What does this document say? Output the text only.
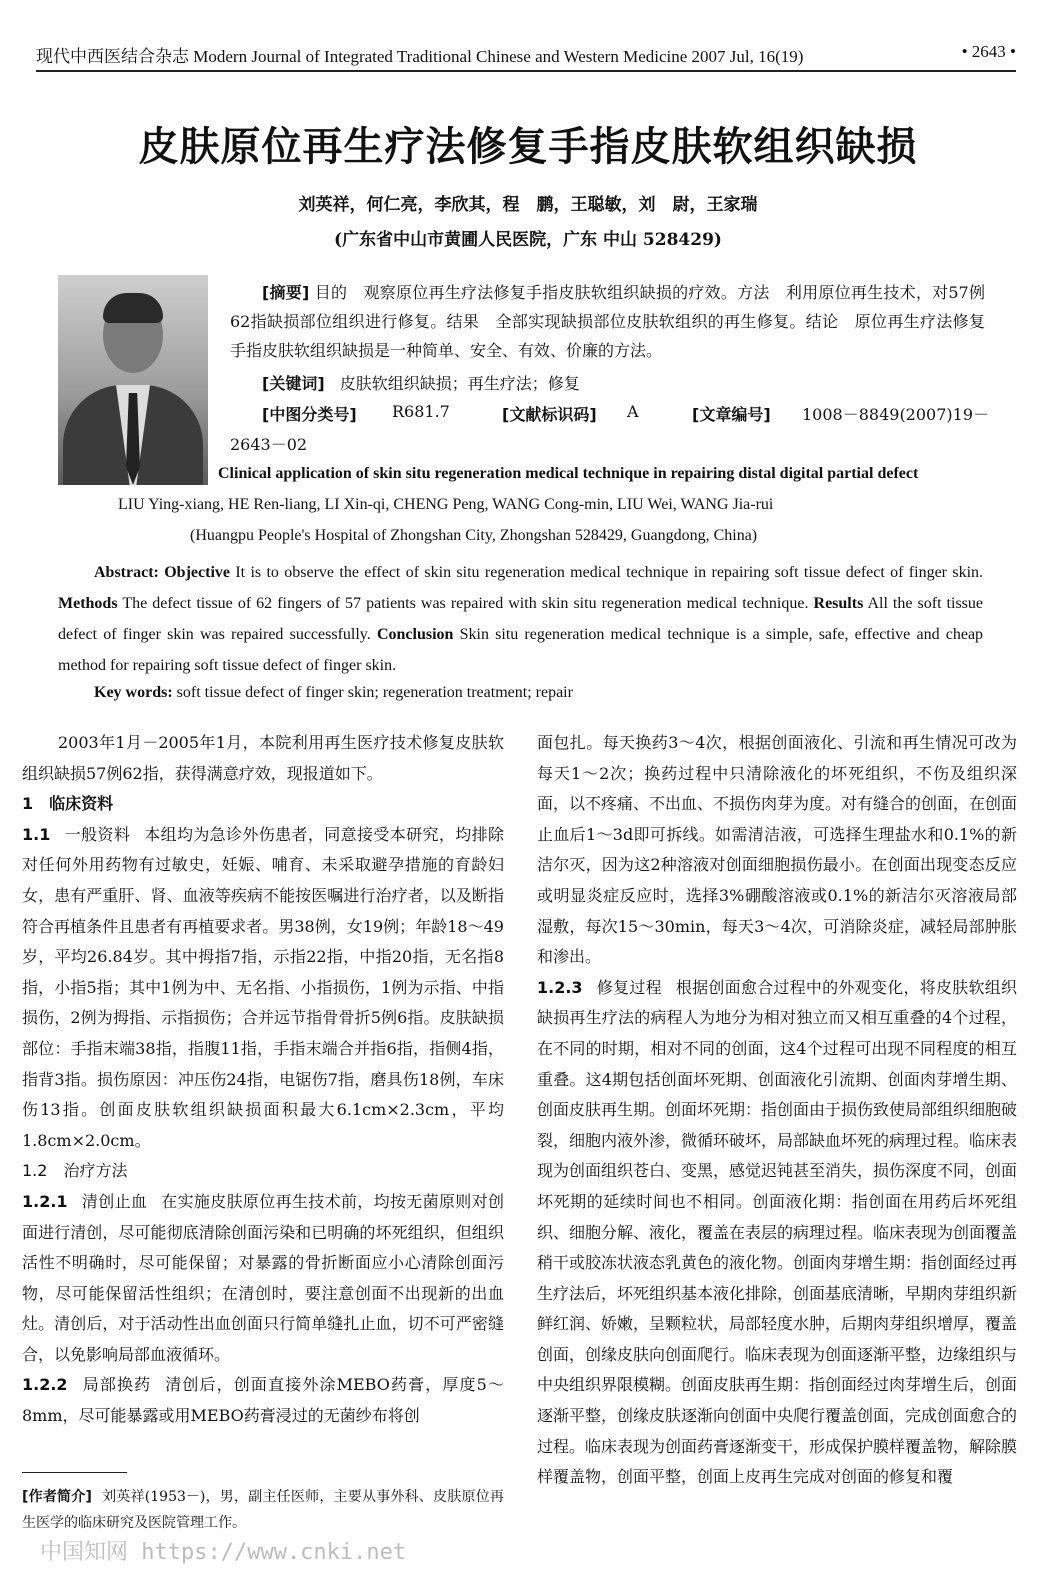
现代中西医结合杂志 Modern Journal of Integrated Traditional Chinese and Western Medicine 2007 Jul, 16(19)	• 2643 •
皮肤原位再生疗法修复手指皮肤软组织缺损
刘英祥，何仁亮，李欣其，程　鹏，王聪敏，刘　尉，王家瑞
(广东省中山市黄圃人民医院，广东 中山 528429)
[摘要] 目的　观察原位再生疗法修复手指皮肤软组织缺损的疗效。方法　利用原位再生技术，对57例62指缺损部位组织进行修复。结果　全部实现缺损部位皮肤软组织的再生修复。结论　原位再生疗法修复手指皮肤软组织缺损是一种简单、安全、有效、价廉的方法。
[关键词] 皮肤软组织缺损；再生疗法；修复
[中图分类号] R681.7	[文献标识码] A	[文章编号] 1008－8849(2007)19－
2643－02
Clinical application of skin situ regeneration medical technique in repairing distal digital partial defect
LIU Ying-xiang, HE Ren-liang, LI Xin-qi, CHENG Peng, WANG Cong-min, LIU Wei, WANG Jia-rui
(Huangpu People's Hospital of Zhongshan City, Zhongshan 528429, Guangdong, China)
Abstract: Objective It is to observe the effect of skin situ regeneration medical technique in repairing soft tissue defect of finger skin. Methods The defect tissue of 62 fingers of 57 patients was repaired with skin situ regeneration medical technique. Results All the soft tissue defect of finger skin was repaired successfully. Conclusion Skin situ regeneration medical technique is a simple, safe, effective and cheap method for repairing soft tissue defect of finger skin.
Key words: soft tissue defect of finger skin; regeneration treatment; repair

2003年1月－2005年1月，本院利用再生医疗技术修复皮肤软组织缺损57例62指，获得满意疗效，现报道如下。

1　临床资料

1.1 一般资料 本组均为急诊外伤患者，同意接受本研究，均排除对任何外用药物有过敏史，妊娠、哺育、未采取避孕措施的育龄妇女，患有严重肝、肾、血液等疾病不能按医嘱进行治疗者，以及断指符合再植条件且患者有再植要求者。男38例，女19例；年龄18～49岁，平均26.84岁。其中拇指7指，示指22指，中指20指，无名指8指，小指5指；其中1例为中、无名指、小指损伤，1例为示指、中指损伤，2例为拇指、示指损伤；合并远节指骨骨折5例6指。皮肤缺损部位：手指末端38指，指腹11指，手指末端合并指6指，指侧4指，指背3指。损伤原因：冲压伤24指，电锯伤7指，磨具伤18例，车床伤13指。创面皮肤软组织缺损面积最大6.1cm×2.3cm，平均1.8cm×2.0cm。

1.2　治疗方法

1.2.1 清创止血 在实施皮肤原位再生技术前，均按无菌原则对创面进行清创，尽可能彻底清除创面污染和已明确的坏死组织，但组织活性不明确时，尽可能保留；对暴露的骨折断面应小心清除创面污物，尽可能保留活性组织；在清创时，要注意创面不出现新的出血灶。清创后，对于活动性出血创面只行简单缝扎止血，切不可严密缝合，以免影响局部血液循环。

1.2.2 局部换药 清创后，创面直接外涂MEBO药膏，厚度5～8mm，尽可能暴露或用MEBO药膏浸过的无菌纱布将创

面包扎。每天换药3～4次，根据创面液化、引流和再生情况可改为每天1～2次；换药过程中只清除液化的坏死组织，不伤及组织深面，以不疼痛、不出血、不损伤肉芽为度。对有缝合的创面，在创面止血后1～3d即可拆线。如需清洁液，可选择生理盐水和0.1%的新洁尔灭，因为这2种溶液对创面细胞损伤最小。在创面出现变态反应或明显炎症反应时，选择3%硼酸溶液或0.1%的新洁尔灭溶液局部湿敷，每次15～30min，每天3～4次，可消除炎症，减轻局部肿胀和渗出。

1.2.3 修复过程 根据创面愈合过程中的外观变化，将皮肤软组织缺损再生疗法的病程人为地分为相对独立而又相互重叠的4个过程，在不同的时期，相对不同的创面，这4个过程可出现不同程度的相互重叠。这4期包括创面坏死期、创面液化引流期、创面肉芽增生期、创面皮肤再生期。创面坏死期：指创面由于损伤致使局部组织细胞破裂，细胞内液外渗，微循环破坏，局部缺血坏死的病理过程。临床表现为创面组织苍白、变黑，感觉迟钝甚至消失，损伤深度不同，创面坏死期的延续时间也不相同。创面液化期：指创面在用药后坏死组织、细胞分解、液化，覆盖在表层的病理过程。临床表现为创面覆盖稍干或胶冻状液态乳黄色的液化物。创面肉芽增生期：指创面经过再生疗法后，坏死组织基本液化排除，创面基底清晰，早期肉芽组织新鲜红润、娇嫩，呈颗粒状，局部轻度水肿，后期肉芽组织增厚，覆盖创面，创缘皮肤向创面爬行。临床表现为创面逐渐平整，边缘组织与中央组织界限模糊。创面皮肤再生期：指创面经过肉芽增生后，创面逐渐平整，创缘皮肤逐渐向创面中央爬行覆盖创面，完成创面愈合的过程。临床表现为创面药膏逐渐变干，形成保护膜样覆盖物，解除膜样覆盖物，创面平整，创面上皮再生完成对创面的修复和覆

[作者简介] 刘英祥(1953－)，男，副主任医师，主要从事外科、皮肤原位再生医学的临床研究及医院管理工作。
中国知网 https://www.cnki.net
